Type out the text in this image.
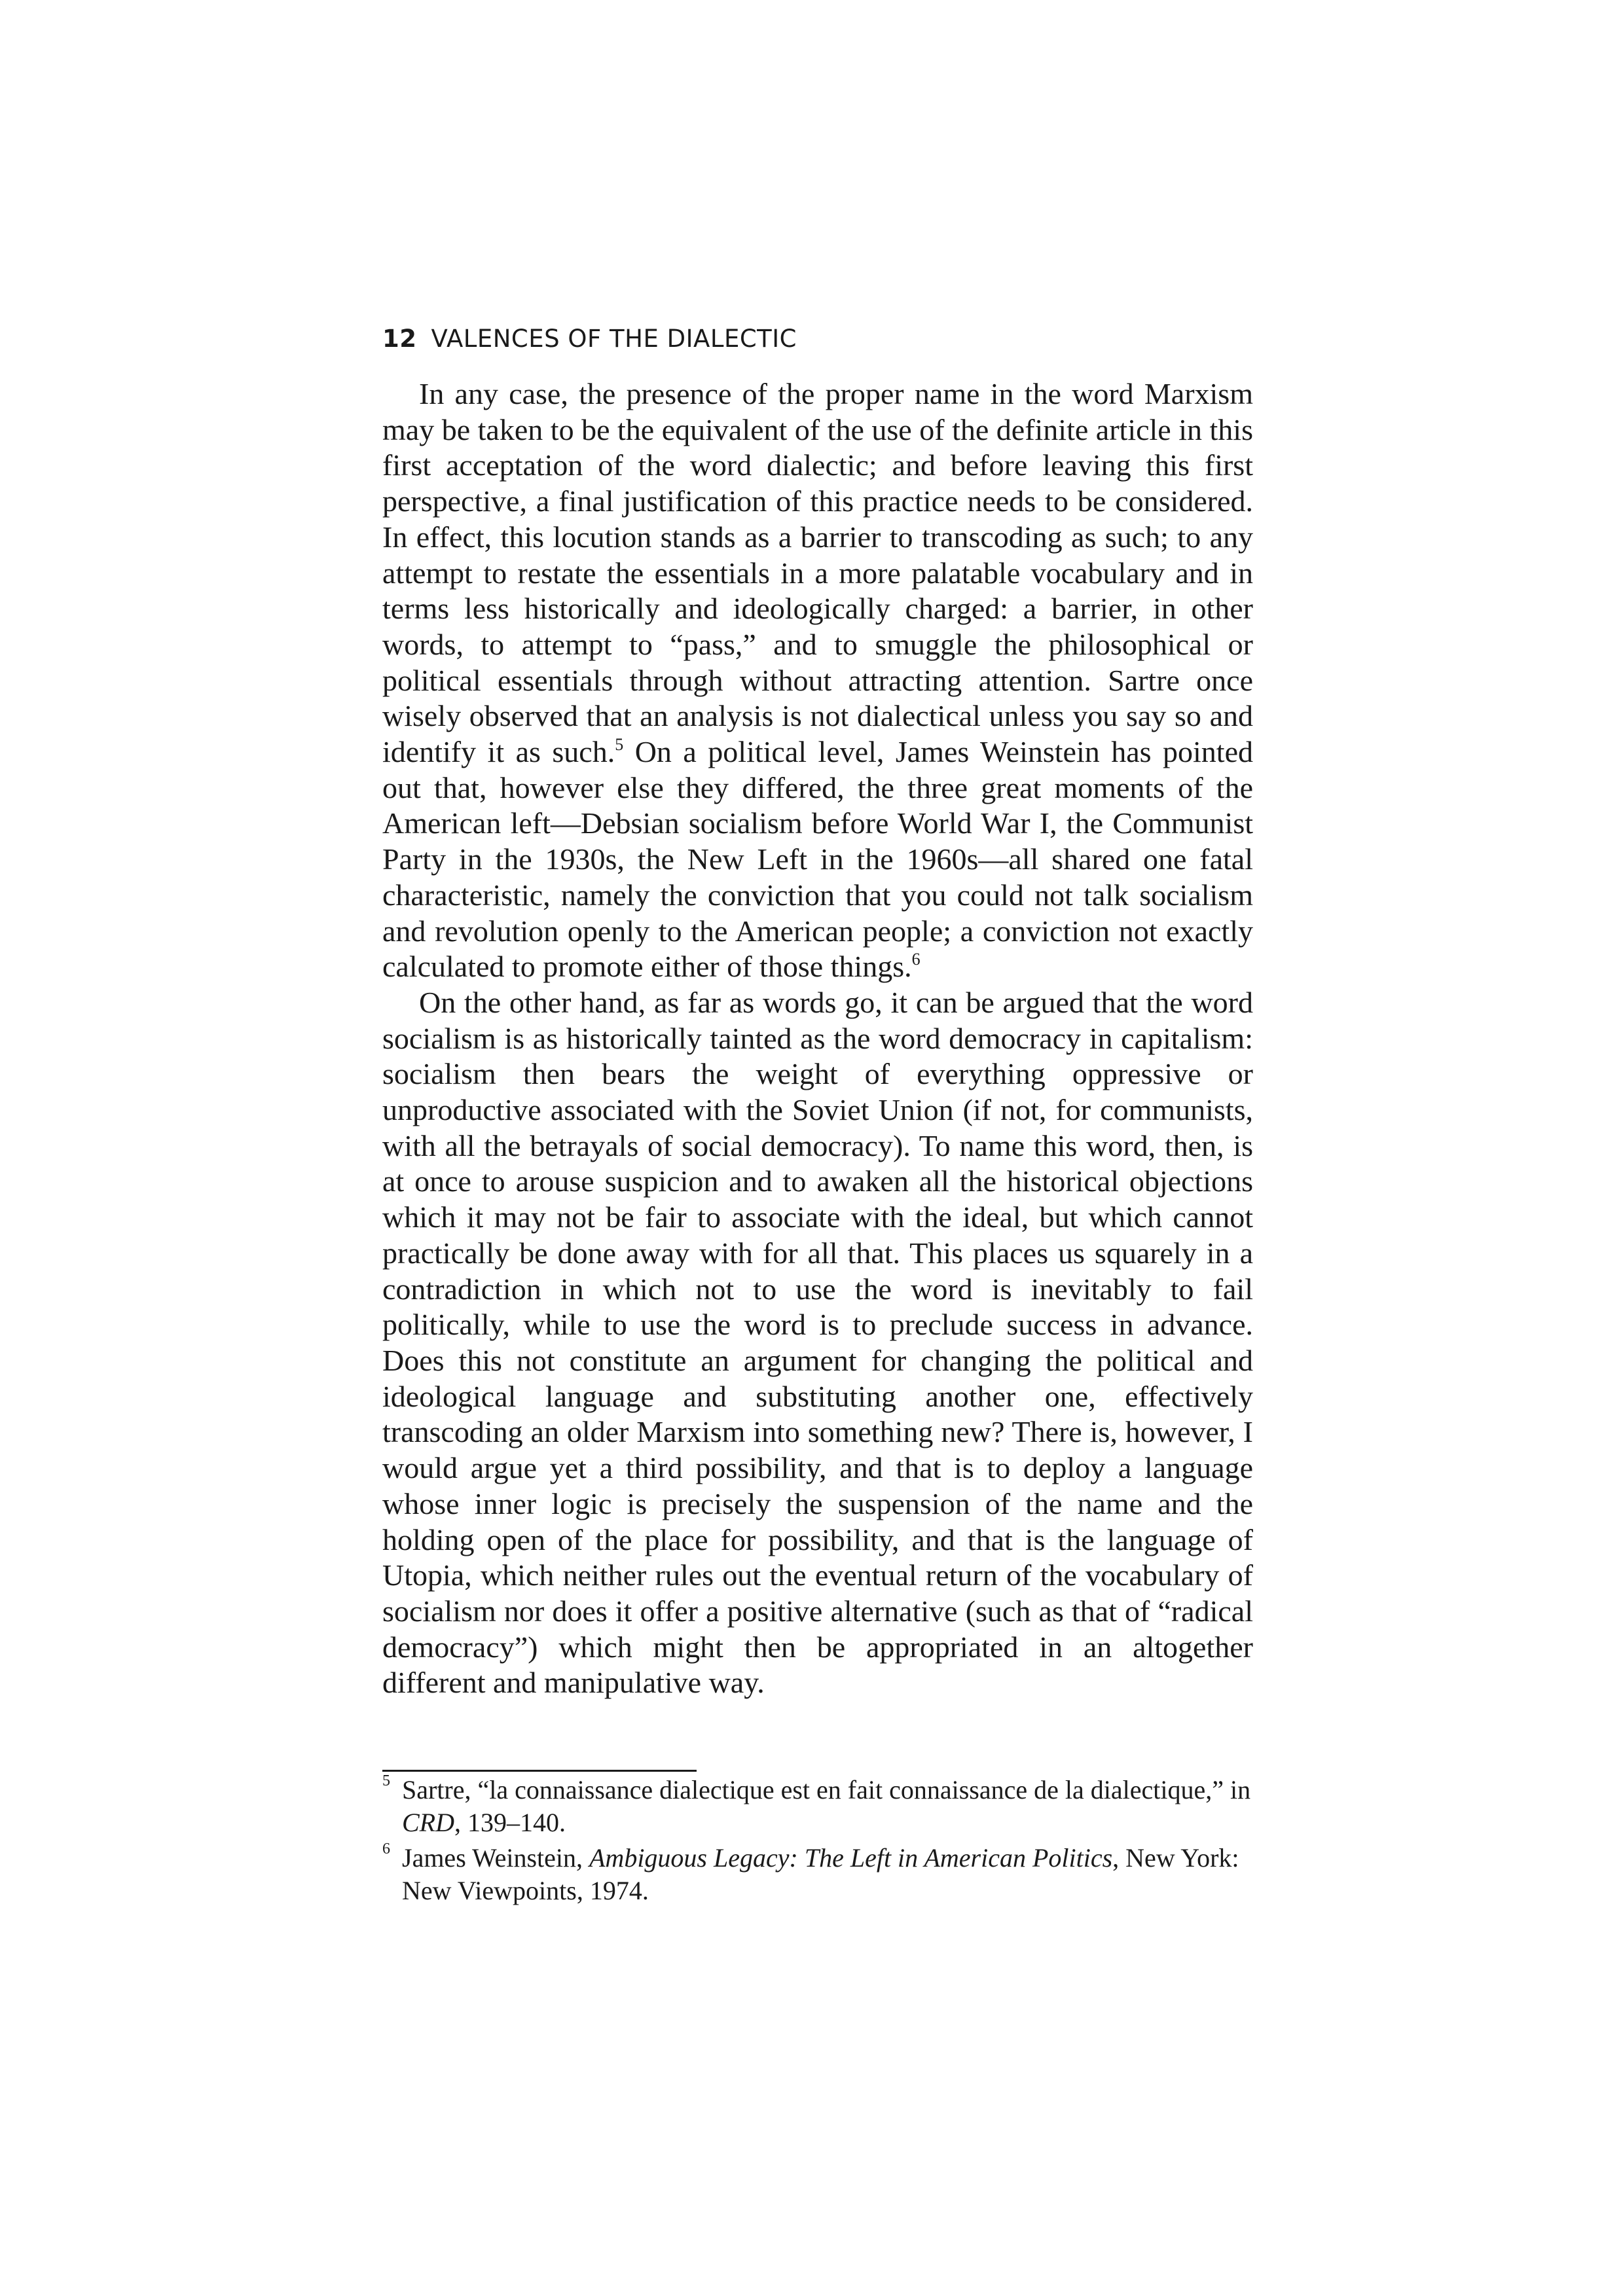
12 VALENCES OF THE DIALECTIC

In any case, the presence of the proper name in the word Marxism may be taken to be the equivalent of the use of the definite article in this first acceptation of the word dialectic; and before leaving this first perspective, a final justification of this practice needs to be considered. In effect, this locution stands as a barrier to transcoding as such; to any attempt to restate the essentials in a more palatable vocabulary and in terms less historically and ideologically charged: a barrier, in other words, to attempt to “pass,” and to smuggle the philosophical or political essentials through without attracting attention. Sartre once wisely observed that an analysis is not dialectical unless you say so and identify it as such.$^5$ On a political level, James Weinstein has pointed out that, however else they differed, the three great moments of the American left—Debsian socialism before World War I, the Communist Party in the 1930s, the New Left in the 1960s—all shared one fatal characteristic, namely the conviction that you could not talk socialism and revolution openly to the American people; a conviction not exactly calculated to promote either of those things.$^6$

On the other hand, as far as words go, it can be argued that the word socialism is as historically tainted as the word democracy in capitalism: socialism then bears the weight of everything oppressive or unproductive associated with the Soviet Union (if not, for communists, with all the betrayals of social democracy). To name this word, then, is at once to arouse suspicion and to awaken all the historical objections which it may not be fair to associate with the ideal, but which cannot practically be done away with for all that. This places us squarely in a contradiction in which not to use the word is inevitably to fail politically, while to use the word is to preclude success in advance. Does this not constitute an argument for changing the political and ideological language and substituting another one, effectively transcoding an older Marxism into something new? There is, however, I would argue yet a third possibility, and that is to deploy a language whose inner logic is precisely the suspension of the name and the holding open of the place for possibility, and that is the language of Utopia, which neither rules out the eventual return of the vocabulary of socialism nor does it offer a positive alternative (such as that of “radical democracy”) which might then be appropriated in an altogether different and manipulative way.

5 Sartre, “la connaissance dialectique est en fait connaissance de la dialectique,” in CRD, 139–140.
6 James Weinstein, Ambiguous Legacy: The Left in American Politics, New York: New Viewpoints, 1974.
